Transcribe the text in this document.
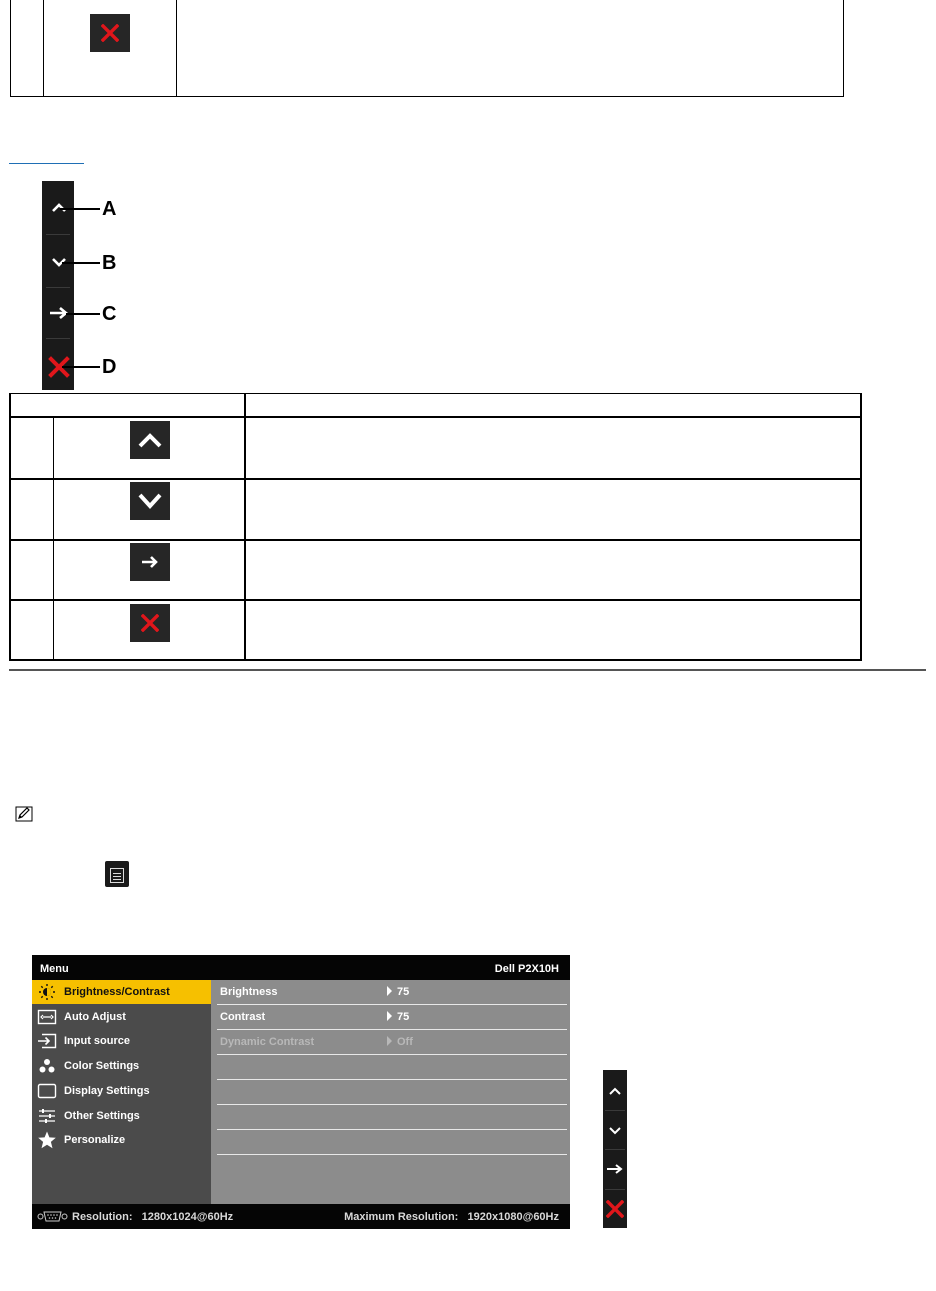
A
B
C
D
Menu	Dell P2X10H
Brightness/Contrast
Auto Adjust
Input source
Color Settings
Display Settings
Other Settings
Personalize
Brightness	75
Contrast	75
Dynamic Contrast	Off
Resolution: 1280x1024@60Hz	Maximum Resolution: 1920x1080@60Hz
